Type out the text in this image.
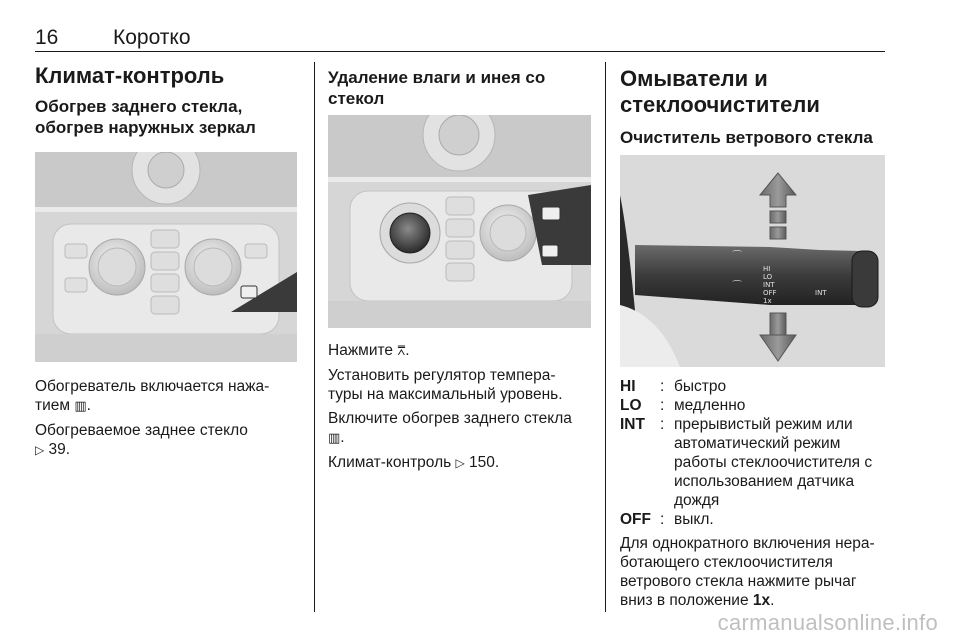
16	Коротко
Климат-контроль
Обогрев заднего стекла,
обогрев наружных зеркал

Обогреватель включается нажа-
тием ▥.

Обогреваемое заднее стекло
▷ 39.

Удаление влаги и инея со
стекол

Нажмите ⩞.

Установить регулятор темпера-
туры на максимальный уровень.

Включите обогрев заднего стекла
▥.

Климат-контроль ▷ 150.

Омыватели и
стеклоочистители
Очиститель ветрового стекла
HI
LO
INT
OFF
1x
INT
⌒
⌒
HI	: быстро
LO	: медленно
INT : прерывистый режим или
автоматический режим
работы стеклоочистителя с
использованием датчика
дождя
OFF : выкл.

Для однократного включения нера-
ботающего стеклоочистителя
ветрового стекла нажмите рычаг
вниз в положение 1x.

carmanualsonline.info
